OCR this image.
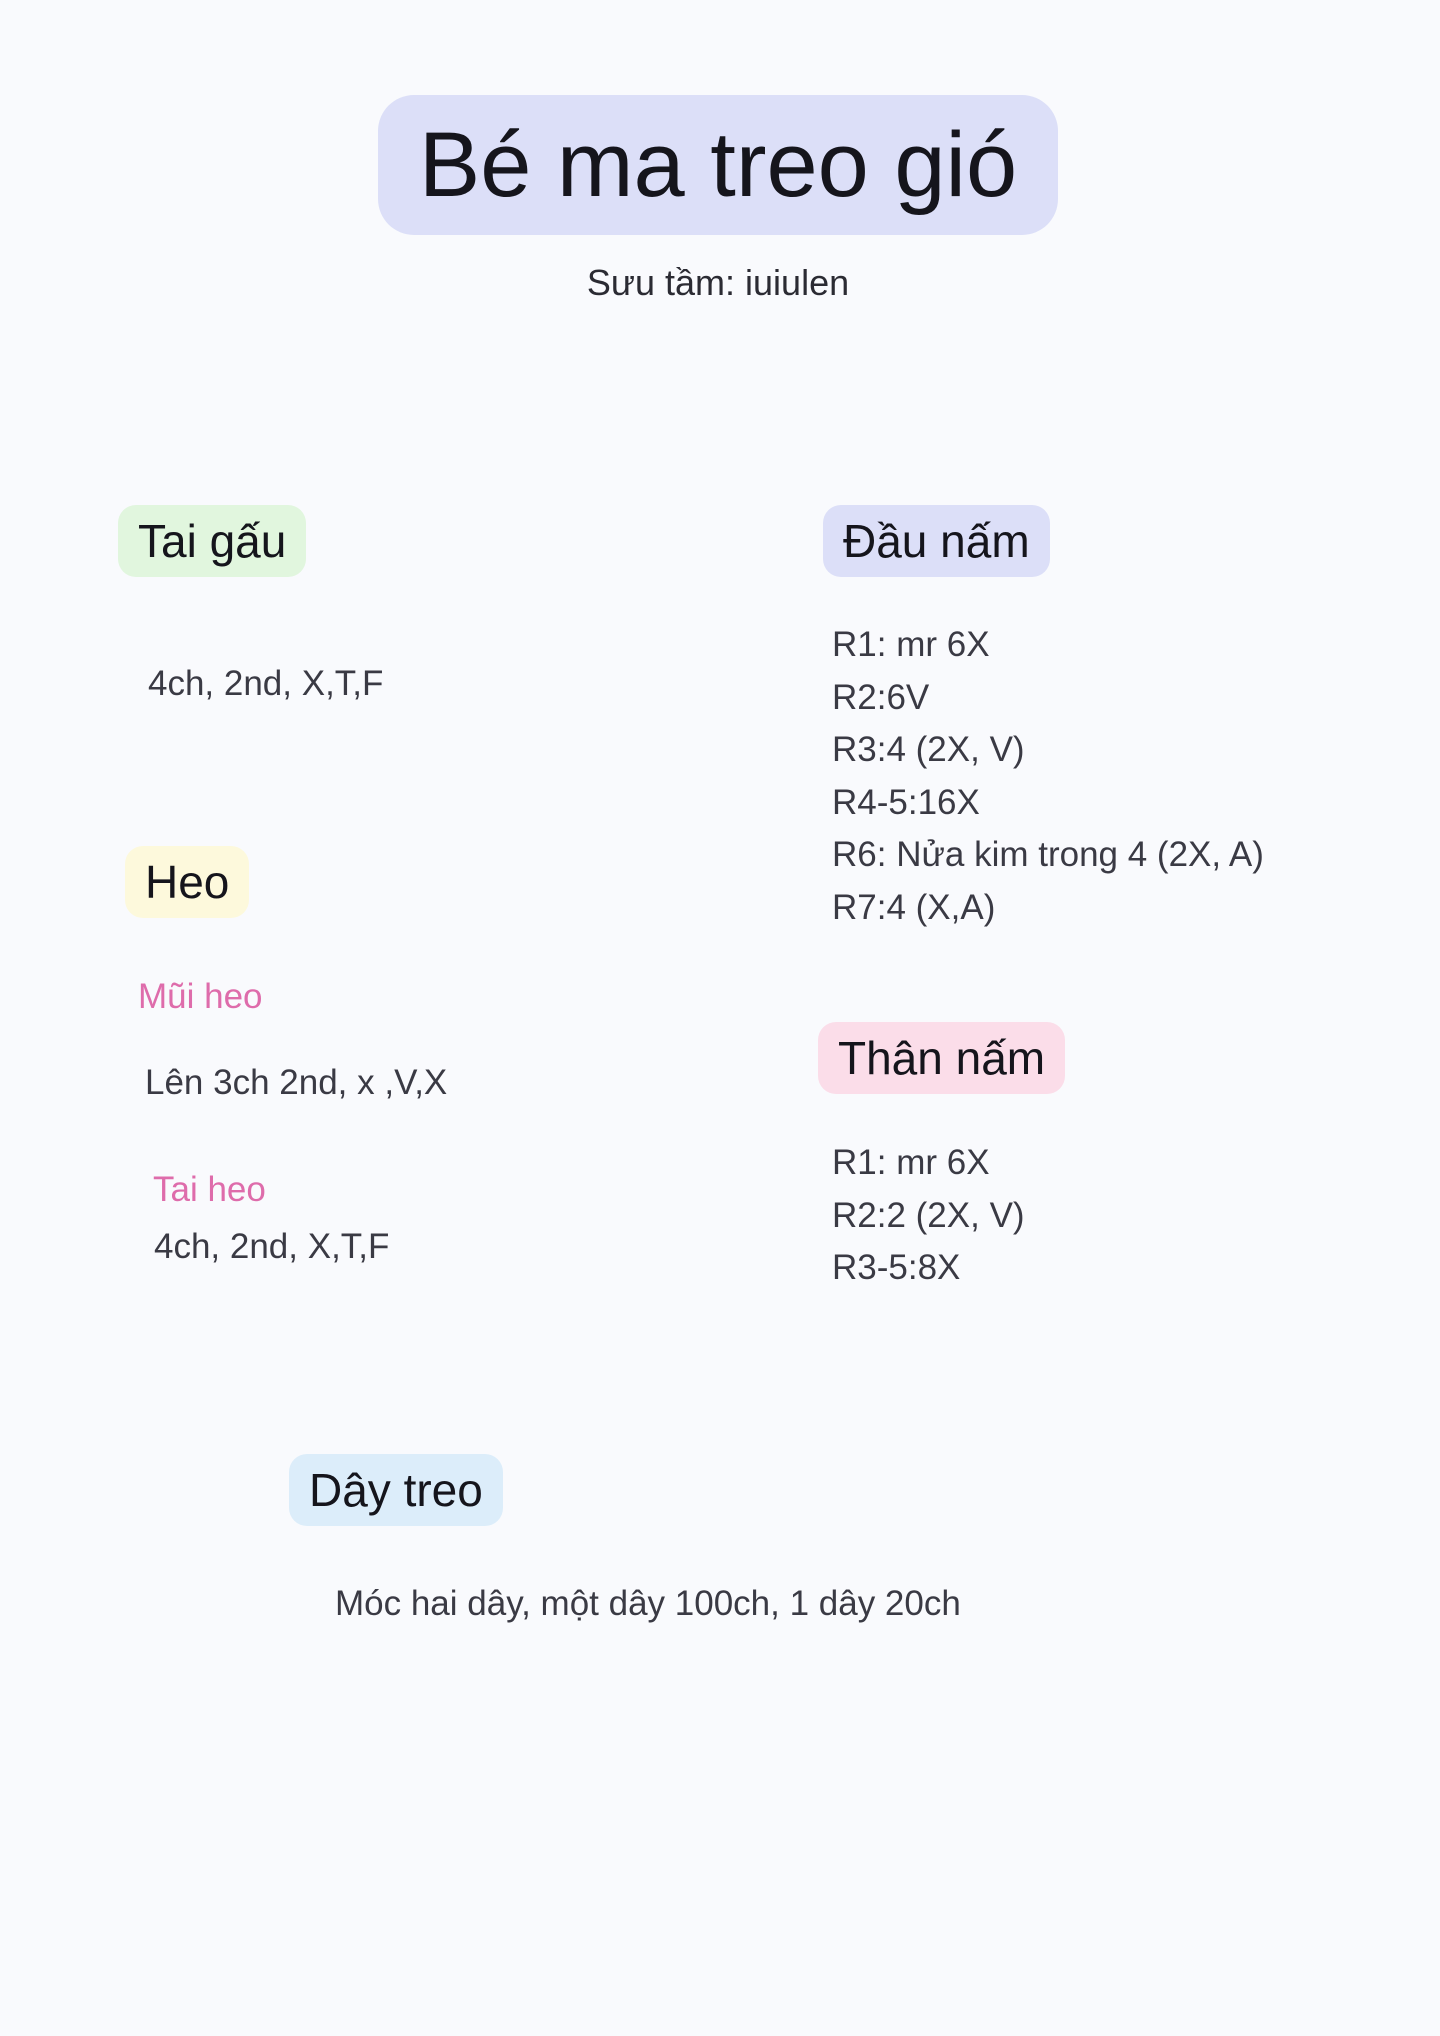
Bé ma treo gió
Sưu tầm: iuiulen
Tai gấu
4ch, 2nd, X,T,F
Heo
Mũi heo
Lên 3ch 2nd, x ,V,X
Tai heo
4ch, 2nd, X,T,F
Đầu nấm
R1: mr 6X
R2:6V
R3:4 (2X, V)
R4-5:16X
R6: Nửa kim trong 4 (2X, A)
R7:4 (X,A)
Thân nấm
R1: mr 6X
R2:2 (2X, V)
R3-5:8X
Dây treo
Móc hai dây, một dây 100ch, 1 dây 20ch
